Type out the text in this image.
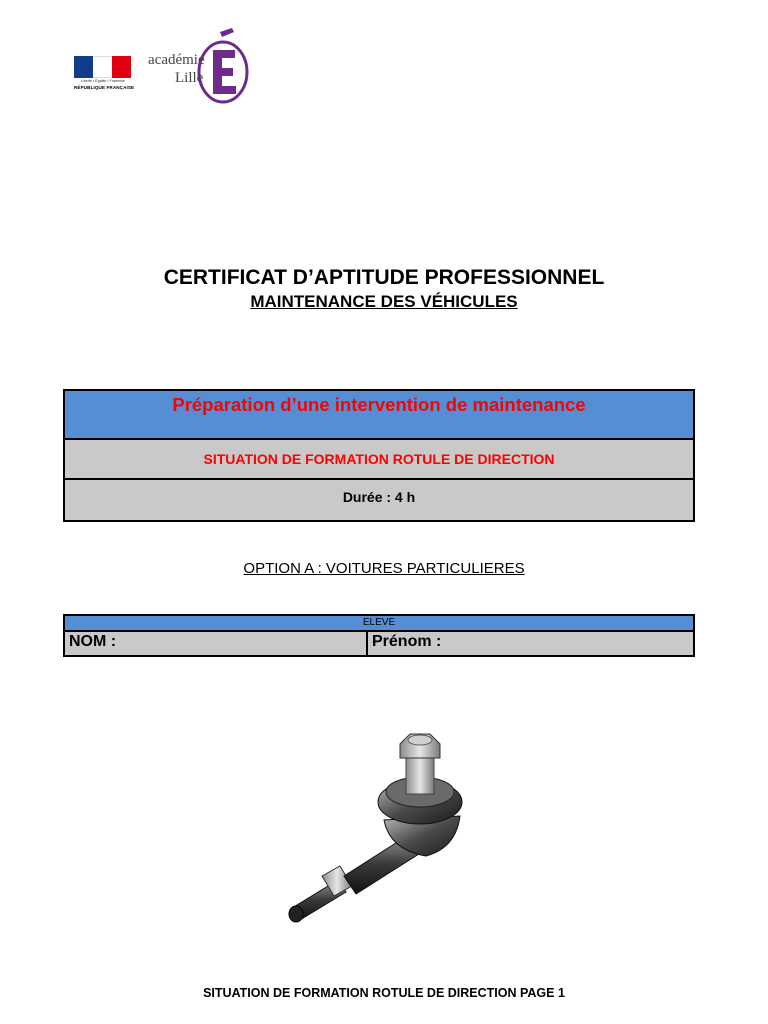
Liberté • Égalité • Fraternité
RÉPUBLIQUE FRANÇAISE
académie
Lille
CERTIFICAT D’APTITUDE PROFESSIONNEL
MAINTENANCE DES VÉHICULES
Préparation d’une intervention de maintenance
SITUATION DE FORMATION ROTULE DE DIRECTION
Durée : 4 h
OPTION A : VOITURES PARTICULIERES
ELEVE
NOM :	Prénom :
SITUATION DE FORMATION ROTULE DE DIRECTION PAGE 1
